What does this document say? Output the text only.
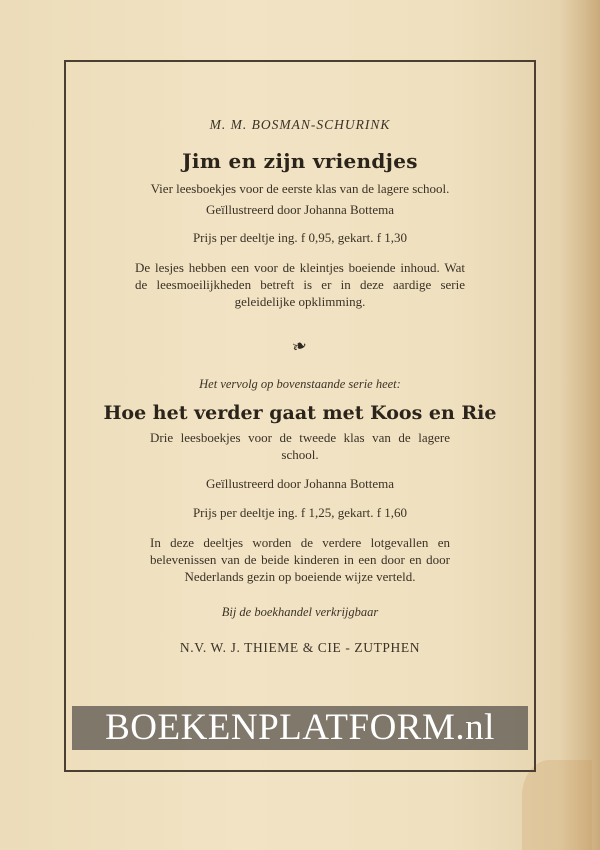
M. M. BOSMAN-SCHURINK
Jim en zijn vriendjes
Vier leesboekjes voor de eerste klas van de lagere school.
Geïllustreerd door Johanna Bottema
Prijs per deeltje ing. f 0,95, gekart. f 1,30
De lesjes hebben een voor de kleintjes boeiende inhoud. Wat de leesmoeilijkheden betreft is er in deze aardige serie geleidelijke opklimming.
❧
Het vervolg op bovenstaande serie heet:
Hoe het verder gaat met Koos en Rie
Drie leesboekjes voor de tweede klas van de lagere school.
Geïllustreerd door Johanna Bottema
Prijs per deeltje ing. f 1,25, gekart. f 1,60
In deze deeltjes worden de verdere lotgevallen en belevenissen van de beide kinderen in een door en door Nederlands gezin op boeiende wijze verteld.
Bij de boekhandel verkrijgbaar
N.V. W. J. THIEME & CIE - ZUTPHEN
BOEKENPLATFORM.nl
